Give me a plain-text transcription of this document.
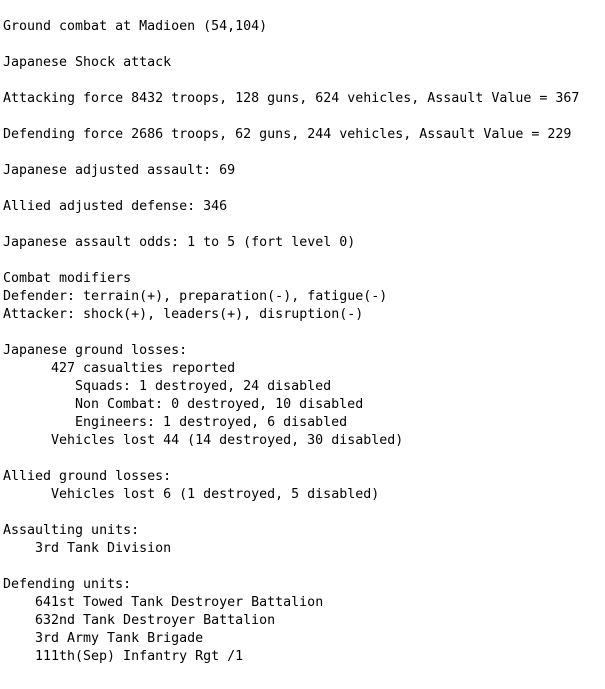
Ground combat at Madioen (54,104)
Japanese Shock attack
Attacking force 8432 troops, 128 guns, 624 vehicles, Assault Value = 367
Defending force 2686 troops, 62 guns, 244 vehicles, Assault Value = 229
Japanese adjusted assault: 69
Allied adjusted defense: 346
Japanese assault odds: 1 to 5 (fort level 0)
Combat modifiers
Defender: terrain(+), preparation(-), fatigue(-)
Attacker: shock(+), leaders(+), disruption(-)
Japanese ground losses:
427 casualties reported
Squads: 1 destroyed, 24 disabled
Non Combat: 0 destroyed, 10 disabled
Engineers: 1 destroyed, 6 disabled
Vehicles lost 44 (14 destroyed, 30 disabled)
Allied ground losses:
Vehicles lost 6 (1 destroyed, 5 disabled)
Assaulting units:
3rd Tank Division
Defending units:
641st Towed Tank Destroyer Battalion
632nd Tank Destroyer Battalion
3rd Army Tank Brigade
111th(Sep) Infantry Rgt /1
